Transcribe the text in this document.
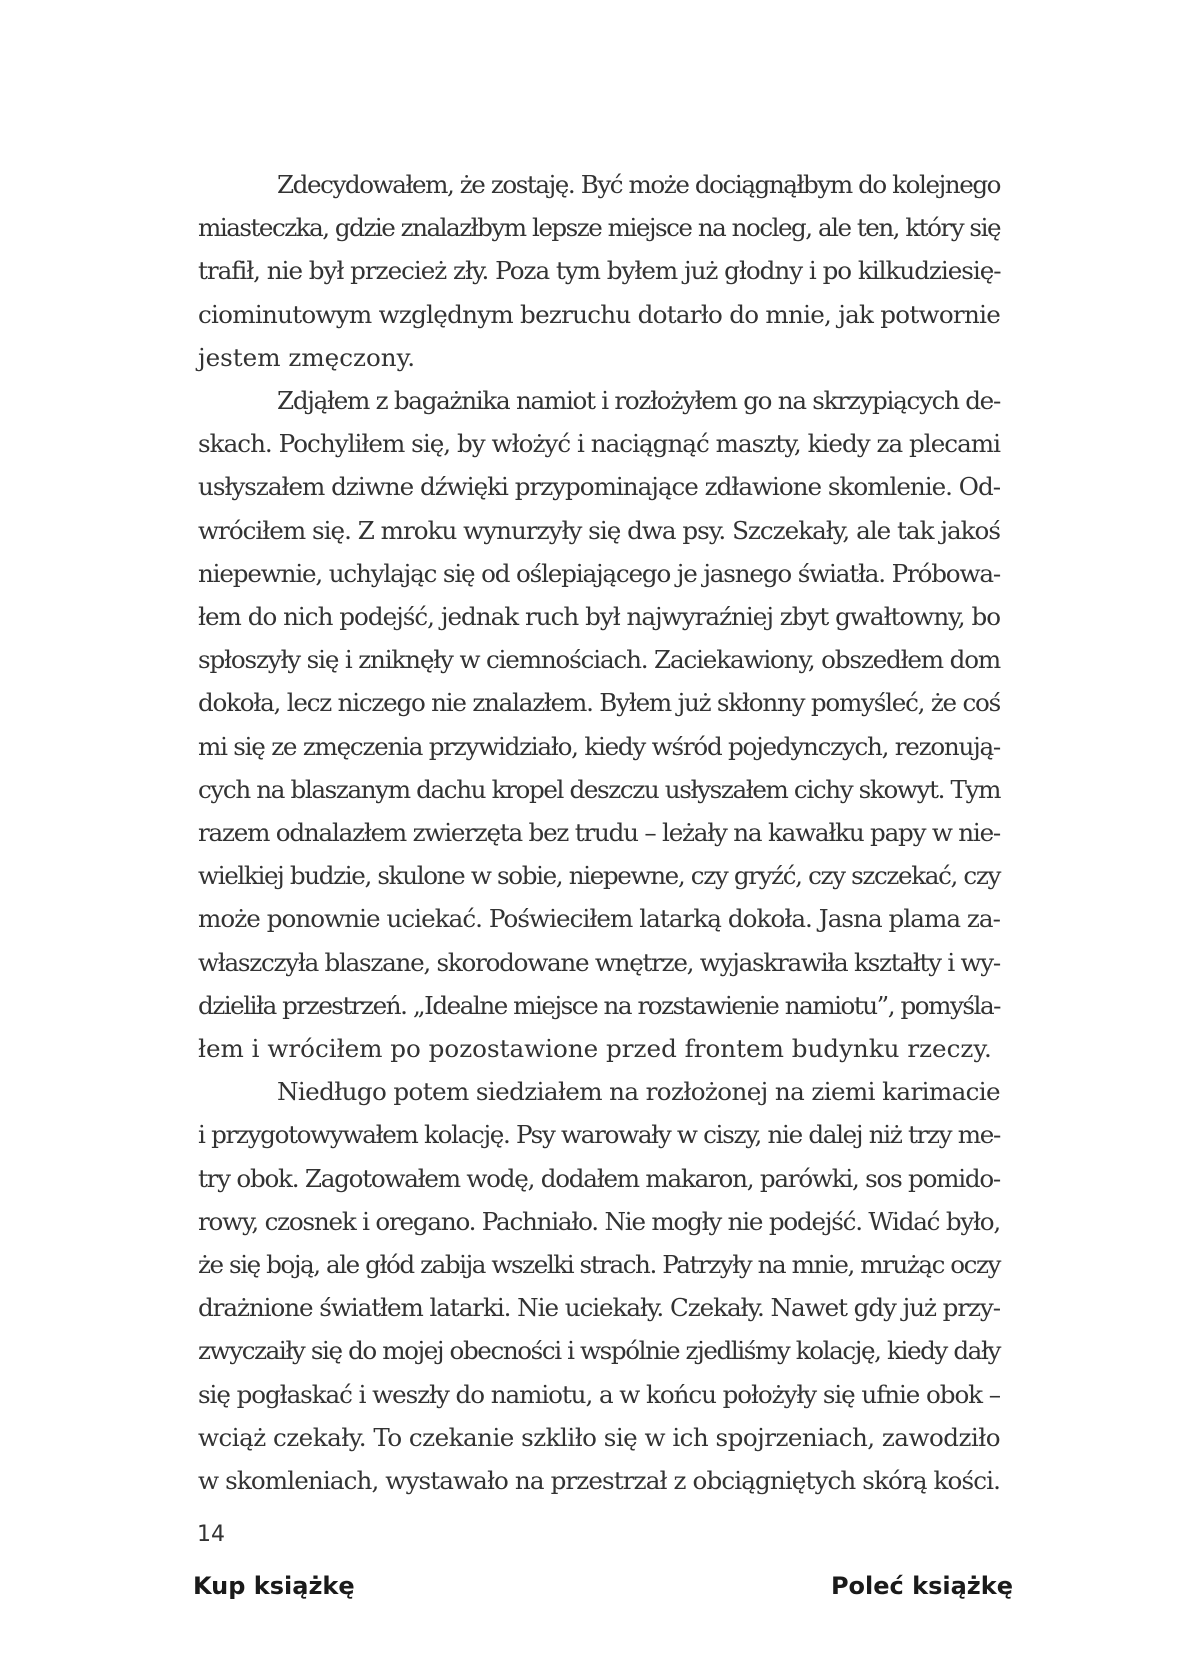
Zdecydowałem, że zostaję. Być może dociągnąłbym do kolejnego
miasteczka, gdzie znalazłbym lepsze miejsce na nocleg, ale ten, który się
trafił, nie był przecież zły. Poza tym byłem już głodny i po kilkudziesię-
ciominutowym względnym bezruchu dotarło do mnie, jak potwornie
jestem zmęczony.

Zdjąłem z bagażnika namiot i rozłożyłem go na skrzypiących de-
skach. Pochyliłem się, by włożyć i naciągnąć maszty, kiedy za plecami
usłyszałem dziwne dźwięki przypominające zdławione skomlenie. Od-
wróciłem się. Z mroku wynurzyły się dwa psy. Szczekały, ale tak jakoś
niepewnie, uchylając się od oślepiającego je jasnego światła. Próbowa-
łem do nich podejść, jednak ruch był najwyraźniej zbyt gwałtowny, bo
spłoszyły się i zniknęły w ciemnościach. Zaciekawiony, obszedłem dom
dokoła, lecz niczego nie znalazłem. Byłem już skłonny pomyśleć, że coś
mi się ze zmęczenia przywidziało, kiedy wśród pojedynczych, rezonują-
cych na blaszanym dachu kropel deszczu usłyszałem cichy skowyt. Tym
razem odnalazłem zwierzęta bez trudu – leżały na kawałku papy w nie-
wielkiej budzie, skulone w sobie, niepewne, czy gryźć, czy szczekać, czy
może ponownie uciekać. Poświeciłem latarką dokoła. Jasna plama za-
właszczyła blaszane, skorodowane wnętrze, wyjaskrawiła kształty i wy-
dzieliła przestrzeń. „Idealne miejsce na rozstawienie namiotu”, pomyśla-
łem i wróciłem po pozostawione przed frontem budynku rzeczy.

Niedługo potem siedziałem na rozłożonej na ziemi karimacie
i przygotowywałem kolację. Psy warowały w ciszy, nie dalej niż trzy me-
try obok. Zagotowałem wodę, dodałem makaron, parówki, sos pomido-
rowy, czosnek i oregano. Pachniało. Nie mogły nie podejść. Widać było,
że się boją, ale głód zabija wszelki strach. Patrzyły na mnie, mrużąc oczy
drażnione światłem latarki. Nie uciekały. Czekały. Nawet gdy już przy-
zwyczaiły się do mojej obecności i wspólnie zjedliśmy kolację, kiedy dały
się pogłaskać i weszły do namiotu, a w końcu położyły się ufnie obok –
wciąż czekały. To czekanie szkliło się w ich spojrzeniach, zawodziło
w skomleniach, wystawało na przestrzał z obciągniętych skórą kości.

14
Kup książkę	Poleć książkę
